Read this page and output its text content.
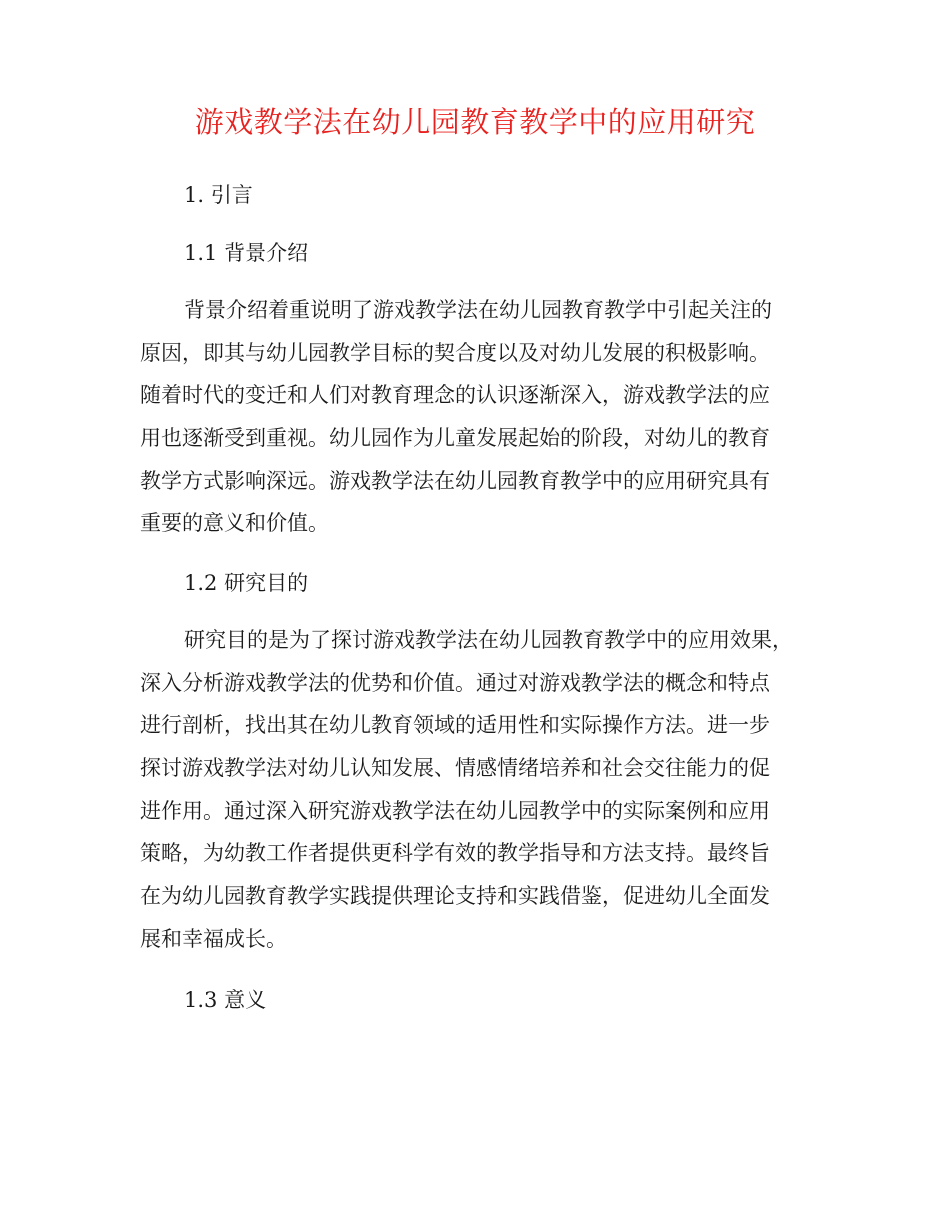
游戏教学法在幼儿园教育教学中的应用研究
1. 引言
1.1 背景介绍
背景介绍着重说明了游戏教学法在幼儿园教育教学中引起关注的
原因，即其与幼儿园教学目标的契合度以及对幼儿发展的积极影响。
随着时代的变迁和人们对教育理念的认识逐渐深入，游戏教学法的应
用也逐渐受到重视。幼儿园作为儿童发展起始的阶段，对幼儿的教育
教学方式影响深远。游戏教学法在幼儿园教育教学中的应用研究具有
重要的意义和价值。
1.2 研究目的
研究目的是为了探讨游戏教学法在幼儿园教育教学中的应用效果，
深入分析游戏教学法的优势和价值。通过对游戏教学法的概念和特点
进行剖析，找出其在幼儿教育领域的适用性和实际操作方法。进一步
探讨游戏教学法对幼儿认知发展、情感情绪培养和社会交往能力的促
进作用。通过深入研究游戏教学法在幼儿园教学中的实际案例和应用
策略，为幼教工作者提供更科学有效的教学指导和方法支持。最终旨
在为幼儿园教育教学实践提供理论支持和实践借鉴，促进幼儿全面发
展和幸福成长。
1.3 意义
